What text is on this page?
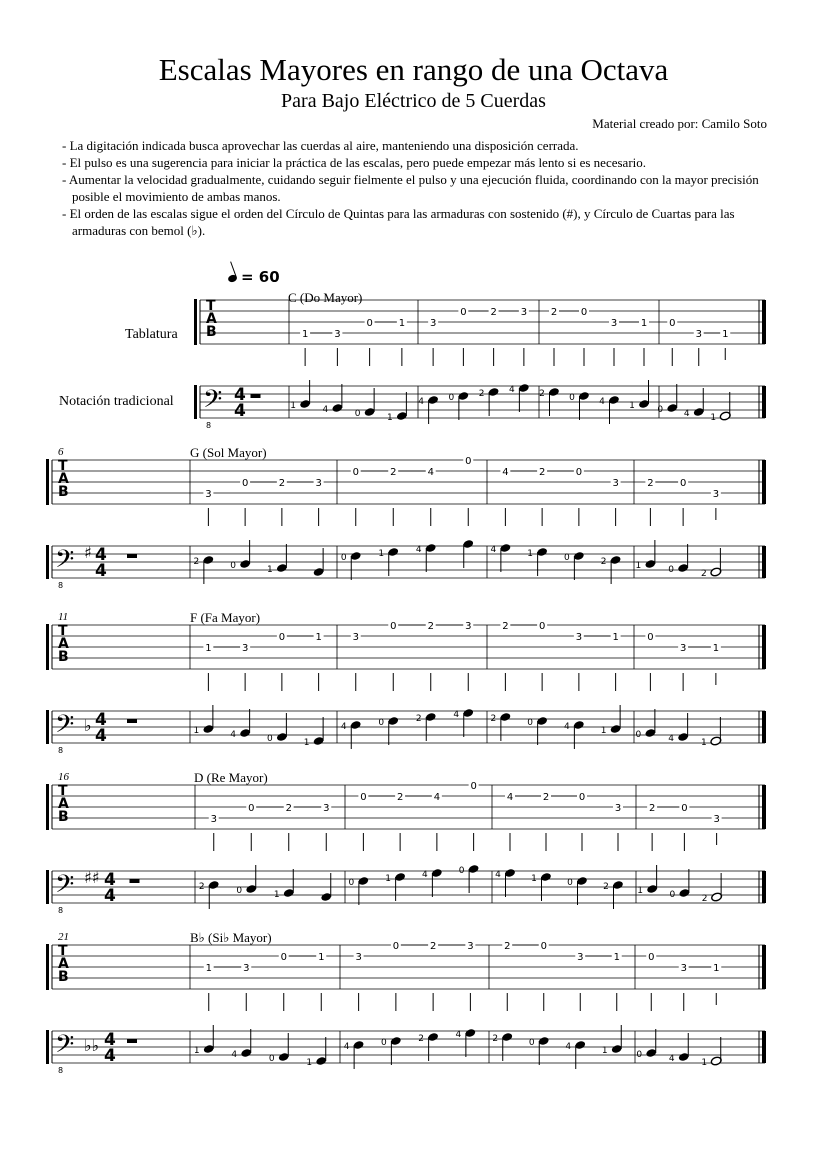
Escalas Mayores en rango de una Octava
Para Bajo Eléctrico de 5 Cuerdas
Material creado por: Camilo Soto

- La digitación indicada busca aprovechar las cuerdas al aire, manteniendo una disposición cerrada.

- El pulso es una sugerencia para iniciar la práctica de las escalas, pero puede empezar más lento si es necesario.

- Aumentar la velocidad gradualmente, cuidando seguir fielmente el pulso y una ejecución fluida, coordinando con la mayor precisión posible el movimiento de ambas manos.

- El orden de las escalas sigue el orden del Círculo de Quintas para las armaduras con sostenido (#), y Círculo de Cuartas para las armaduras con bemol (♭).

= 60
Tablatura
Notación tradicional
T
A
B
𝄢
8
4
4
1
1
3
4
0
0
1
1
3
4
0
0
2
2
3
4
2
2
0
0
3
4
1
1
0
0
3
4
1
1
C (Do Mayor)
T
A
B
𝄢
8
♯ 4
4
3
2
0
0
2
1
3
0
0
2
1
4
4
0
4
4
2
1
0
0
3
2
2
1
0
0
3
2
6	G (Sol Mayor)
T
A
B
𝄢
8
♭ 4
4
1
1
3
4
0
0
1
1
3
4
0
0
2
2
3
4
2
2
0
0
3
4
1
1
0
0
3
4
1
1
11	F (Fa Mayor)
T
A
B
𝄢
8
♯♯ 4
4
3
2
0
0
2
1
3
0
0
2
1
4
4
0
0
4
4
2
1
0
0
3
2
2
1
0
0
3
2
16	D (Re Mayor)
T
A
B
𝄢
8
♭♭ 4
4
1
1
3
4
0
0
1
1
3
4
0
0
2
2
3
4
2
2
0
0
3
4
1
1
0
0
3
4
1
1
21	B♭ (Si♭ Mayor)
